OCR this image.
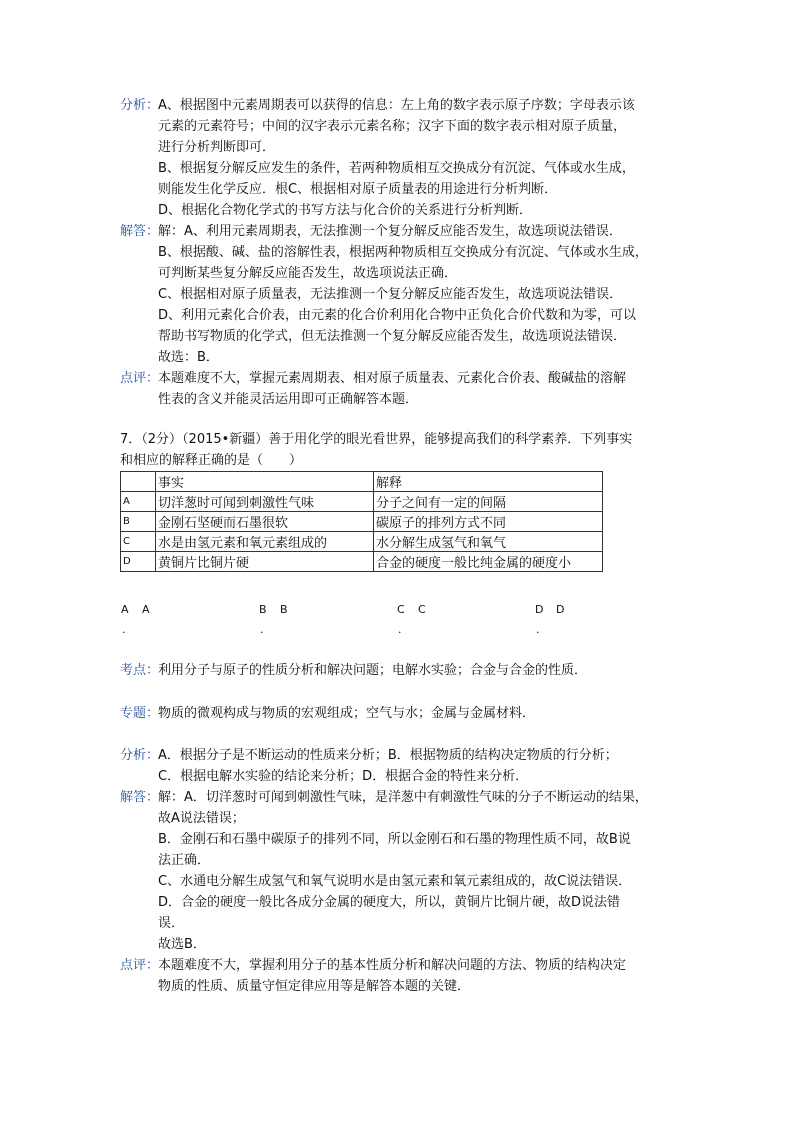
分析：
A、根据图中元素周期表可以获得的信息：左上角的数字表示原子序数；字母表示该
元素的元素符号；中间的汉字表示元素名称；汉字下面的数字表示相对原子质量，
进行分析判断即可．
B、根据复分解反应发生的条件，若两种物质相互交换成分有沉淀、气体或水生成，
则能发生化学反应．根C、根据相对原子质量表的用途进行分析判断．
D、根据化合物化学式的书写方法与化合价的关系进行分析判断．
解答：
解：A、利用元素周期表，无法推测一个复分解反应能否发生，故选项说法错误．
B、根据酸、碱、盐的溶解性表，根据两种物质相互交换成分有沉淀、气体或水生成，
可判断某些复分解反应能否发生，故选项说法正确．
C、根据相对原子质量表，无法推测一个复分解反应能否发生，故选项说法错误．
D、利用元素化合价表，由元素的化合价利用化合物中正负化合价代数和为零，可以
帮助书写物质的化学式，但无法推测一个复分解反应能否发生，故选项说法错误．
故选：B．
点评：
本题难度不大，掌握元素周期表、相对原子质量表、元素化合价表、酸碱盐的溶解
性表的含义并能灵活运用即可正确解答本题．
7．（2分）（2015•新疆）善于用化学的眼光看世界，能够提高我们的科学素养．下列事实
和相应的解释正确的是（　　）
	事实	解释
A	切洋葱时可闻到刺激性气味	分子之间有一定的间隔
B	金刚石坚硬而石墨很软	碳原子的排列方式不同
C	水是由氢元素和氧元素组成的	水分解生成氢气和氧气
D	黄铜片比铜片硬	合金的硬度一般比纯金属的硬度小
A A
.
B B
.
C C
.
D D
.
考点：
利用分子与原子的性质分析和解决问题；电解水实验；合金与合金的性质．
专题：
物质的微观构成与物质的宏观组成；空气与水；金属与金属材料．
分析：
A．根据分子是不断运动的性质来分析；B．根据物质的结构决定物质的行分析；
C．根据电解水实验的结论来分析；D．根据合金的特性来分析．
解答：
解：A．切洋葱时可闻到刺激性气味，是洋葱中有刺激性气味的分子不断运动的结果，
故A说法错误；
B．金刚石和石墨中碳原子的排列不同，所以金刚石和石墨的物理性质不同，故B说
法正确．
C、水通电分解生成氢气和氧气说明水是由氢元素和氧元素组成的，故C说法错误．
D．合金的硬度一般比各成分金属的硬度大，所以，黄铜片比铜片硬，故D说法错
误．
故选B．
点评：
本题难度不大，掌握利用分子的基本性质分析和解决问题的方法、物质的结构决定
物质的性质、质量守恒定律应用等是解答本题的关键．
